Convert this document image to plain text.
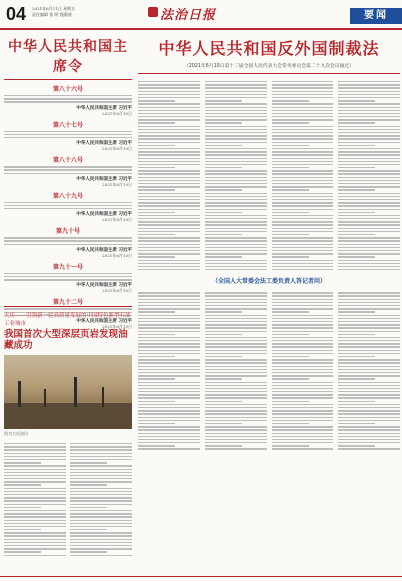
04 2021年6月11日 星期五
责任编辑 张 明 甄静波	法治日报	要闻
中华人民共和国主席令
第八十六号
中华人民共和国主席 习近平
2021年6月10日
第八十七号
中华人民共和国主席 习近平
2021年6月10日
第八十八号
中华人民共和国主席 习近平
2021年6月10日
第八十九号
中华人民共和国主席 习近平
2021年6月10日
第九十号
中华人民共和国主席 习近平
2021年6月10日
第九十一号
中华人民共和国主席 习近平
2021年6月10日
第九十二号
中华人民共和国主席 习近平
2021年6月10日
大庆——引领新一轮高质量发展的中国特色新型石油工业城市
我国首次大型深层页岩发现油藏成功
图为大庆油田
中华人民共和国反外国制裁法
（2021年6月10日第十三届全国人民代表大会常务委员会第二十九次会议通过）
（全国人大常委会法工委负责人答记者问）
